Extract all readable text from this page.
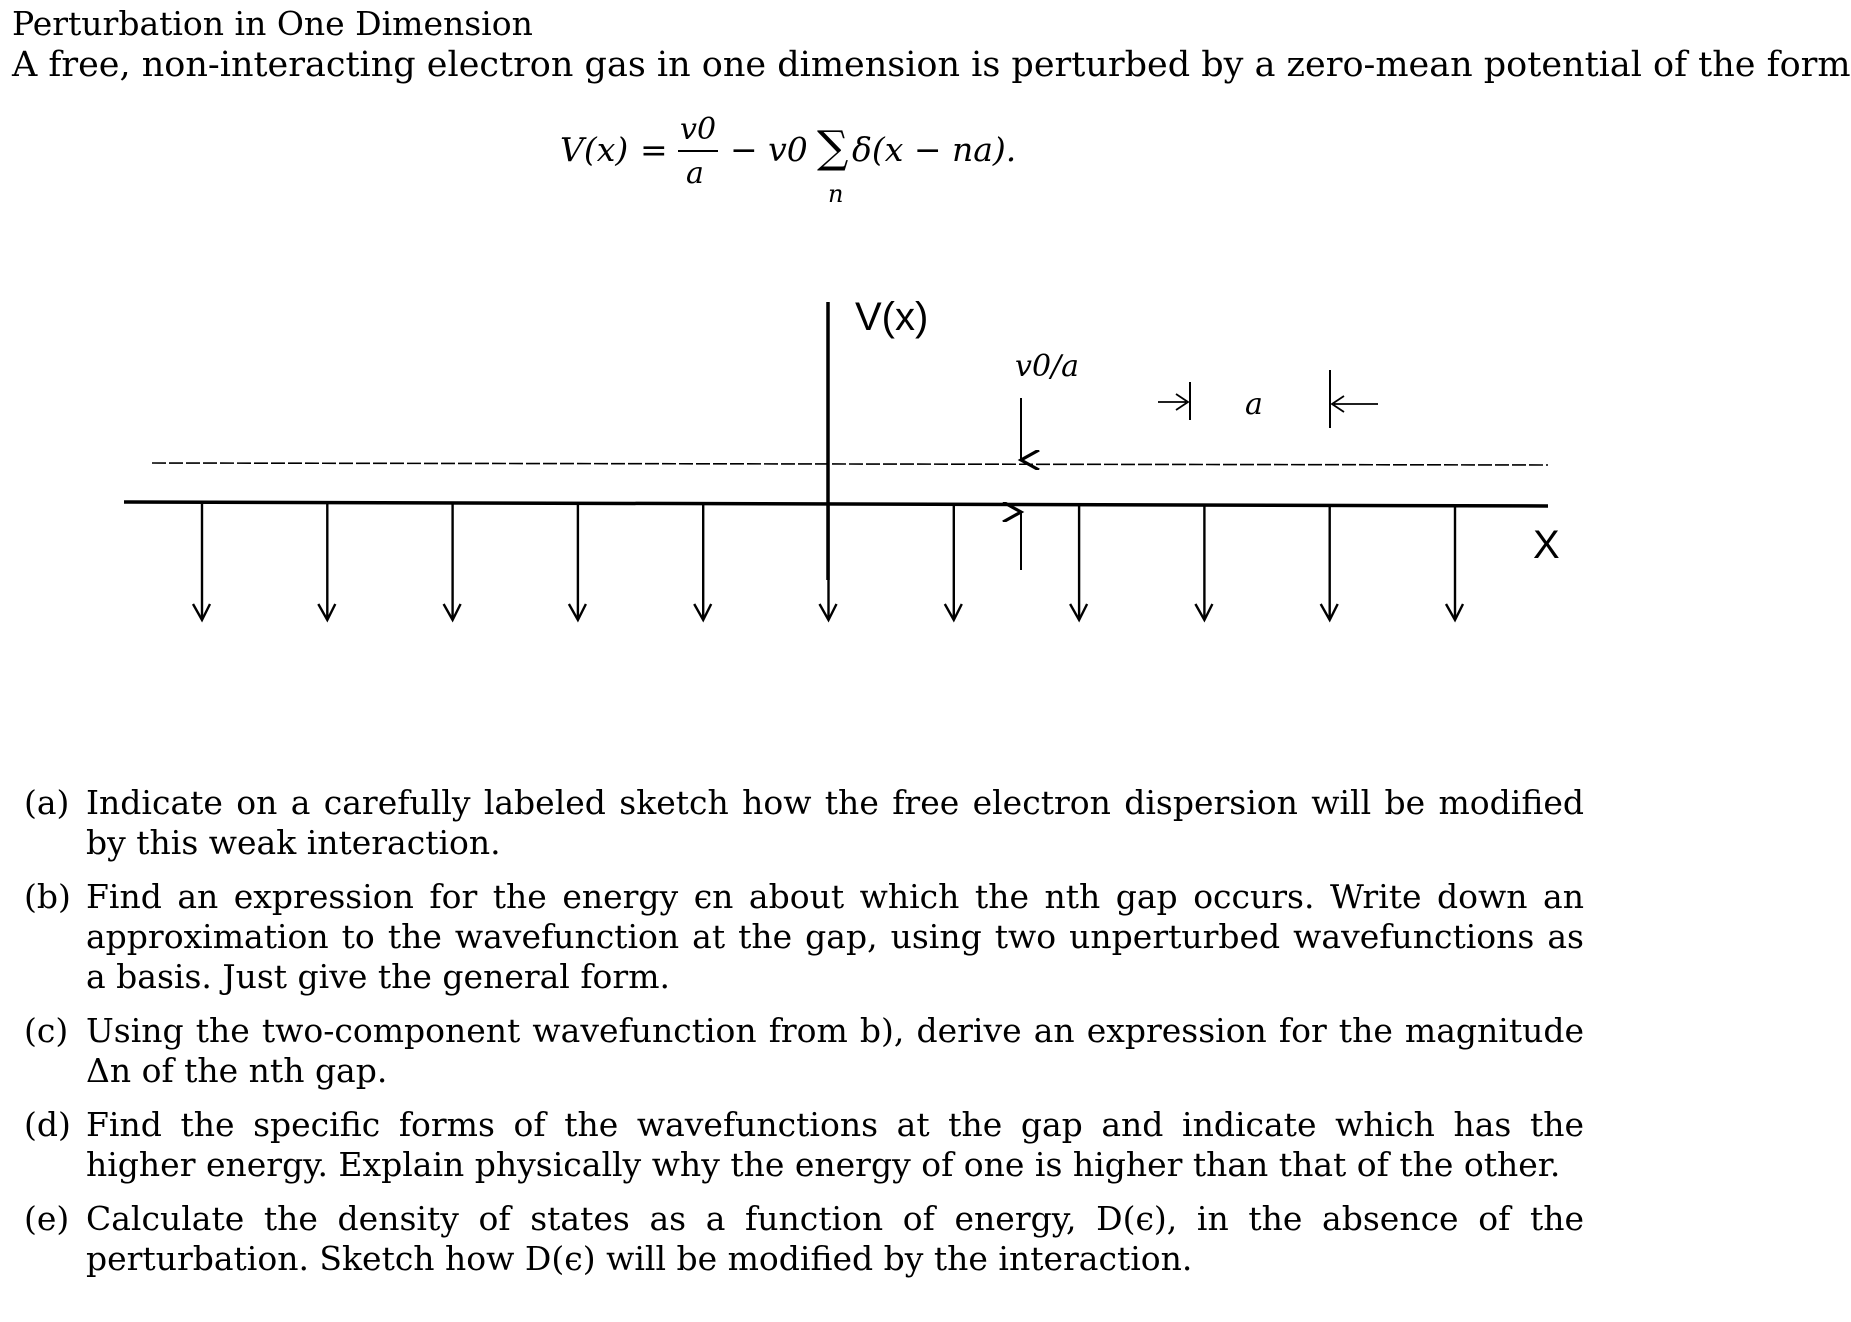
Perturbation in One Dimension
A free, non-interacting electron gas in one dimension is perturbed by a zero-mean potential of the form
V(x) =
v0
a
− v0 ∑
n
δ(x − na).
V(x)
v0/a
a
X
(a) Indicate on a carefully labeled sketch how the free electron dispersion will be modified by this weak interaction.
(b) Find an expression for the energy ϵn about which the nth gap occurs. Write down an approximation to the wavefunction at the gap, using two unperturbed wavefunctions as a basis. Just give the general form.
(c) Using the two-component wavefunction from b), derive an expression for the magnitude Δn of the nth gap.
(d) Find the specific forms of the wavefunctions at the gap and indicate which has the higher energy. Explain physically why the energy of one is higher than that of the other.
(e) Calculate the density of states as a function of energy, D(ϵ), in the absence of the perturbation. Sketch how D(ϵ) will be modified by the interaction.
